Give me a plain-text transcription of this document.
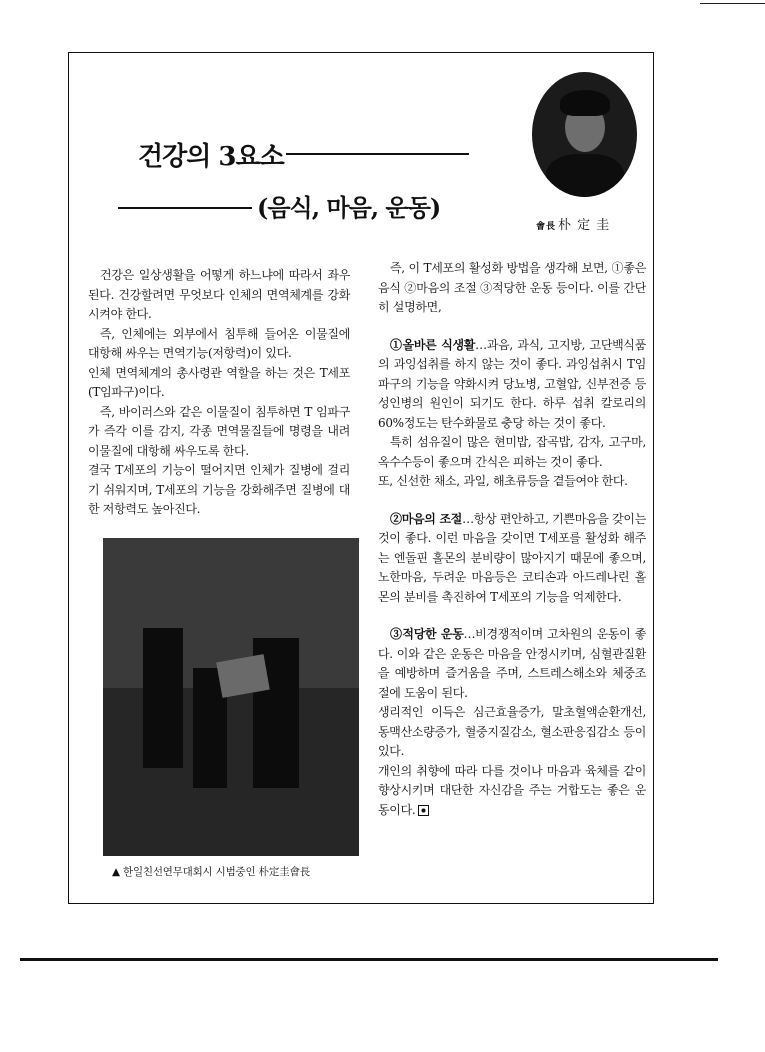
건강의 3요소
(음식, 마음, 운동)
會長 朴 定 圭

건강은 일상생활을 어떻게 하느냐에 따라서 좌우된다. 건강할려면 무엇보다 인체의 면역체계를 강화시켜야 한다.

즉, 인체에는 외부에서 침투해 들어온 이물질에 대항해 싸우는 면역기능(저항력)이 있다.

인체 면역체계의 총사령관 역할을 하는 것은 T세포(T임파구)이다.

즉, 바이러스와 같은 이물질이 침투하면 T 임파구가 즉각 이를 감지, 각종 면역물질들에 명령을 내려 이물질에 대항해 싸우도록 한다.

결국 T세포의 기능이 떨어지면 인체가 질병에 걸리기 쉬워지며, T세포의 기능을 강화해주면 질병에 대한 저항력도 높아진다.

▲ 한일친선연무대회시 시범중인 朴定圭會長

즉, 이 T세포의 활성화 방법을 생각해 보면, ①좋은 음식 ②마음의 조절 ③적당한 운동 등이다. 이를 간단히 설명하면,

①올바른 식생활…과음, 과식, 고지방, 고단백식품의 과잉섭취를 하지 않는 것이 좋다. 과잉섭취시 T임파구의 기능을 약화시켜 당뇨병, 고혈압, 신부전증 등 성인병의 원인이 되기도 한다. 하루 섭취 칼로리의 60%정도는 탄수화물로 충당 하는 것이 좋다.

특히 섬유질이 많은 현미밥, 잡곡밥, 감자, 고구마, 옥수수등이 좋으며 간식은 피하는 것이 좋다.

또, 신선한 채소, 과일, 해초류등을 곁들여야 한다.

②마음의 조절…항상 편안하고, 기쁜마음을 갖이는 것이 좋다. 이런 마음을 갖이면 T세포를 활성화 해주는 엔돌핀 홀몬의 분비량이 많아지기 때문에 좋으며, 노한마음, 두려운 마음등은 코티손과 아드레나린 홀몬의 분비를 촉진하여 T세포의 기능을 억제한다.

③적당한 운동…비경쟁적이며 고차원의 운동이 좋다. 이와 같은 운동은 마음을 안정시키며, 심혈관질환을 예방하며 즐거움을 주며, 스트레스해소와 체중조절에 도움이 된다.

생리적인 이득은 심근효율증가, 말초혈액순환개선, 동맥산소량증가, 혈중지질감소, 혈소판응집감소 등이 있다.

개인의 취향에 따라 다를 것이나 마음과 육체를 같이 향상시키며 대단한 자신감을 주는 거합도는 좋은 운동이다.
